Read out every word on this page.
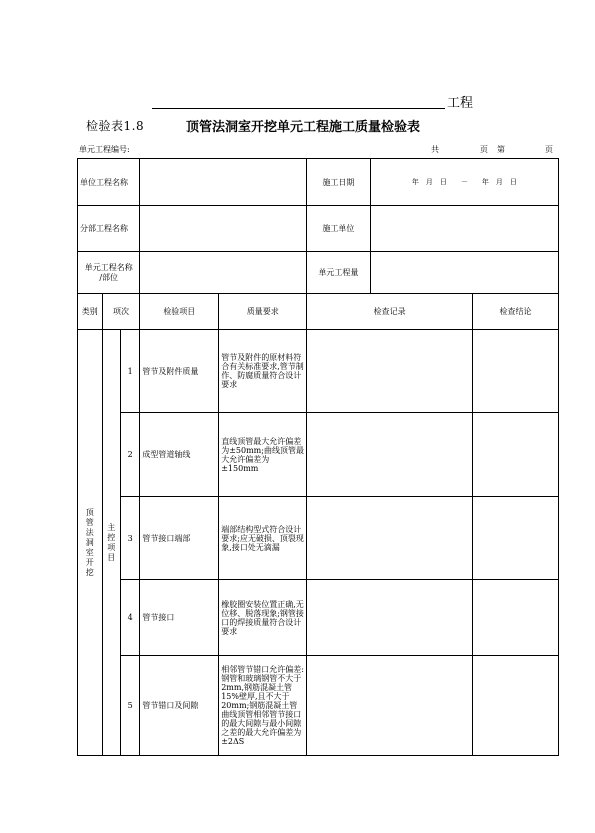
工程
检验表1.8	顶管法洞室开挖单元工程施工质量检验表
单元工程编号:	共	页 第	页
单位工程名称					施工日期	年　月　日　　－　　年　月　日	
分部工程名称					施工单位		
单元工程名称
/部位					单元工程量		
类别	项次		检验项目	质量要求	检查记录		检查结论

顶管法洞室开挖	主控项目	1	管节及附件质量	管节及附件的原材料符合有关标准要求,管节制作、防腐质量符合设计要求			
		2	成型管道轴线	直线顶管最大允许偏差为±50mm;曲线顶管最大允许偏差为±150mm			
		3	管节接口端部	端部结构型式符合设计要求;应无破损、顶裂现象,接口处无滴漏			
		4	管节接口	橡胶圈安装位置正确,无位移、脱落现象;钢管接口的焊接质量符合设计要求			
		5	管节错口及间隙	相邻管节错口允许偏差:钢管和玻璃钢管不大于2mm,钢筋混凝土管15%壁厚,且不大于20mm;钢筋混凝土管曲线顶管相邻管节接口的最大间隙与最小间隙之差的最大允许偏差为±2ΔS			
